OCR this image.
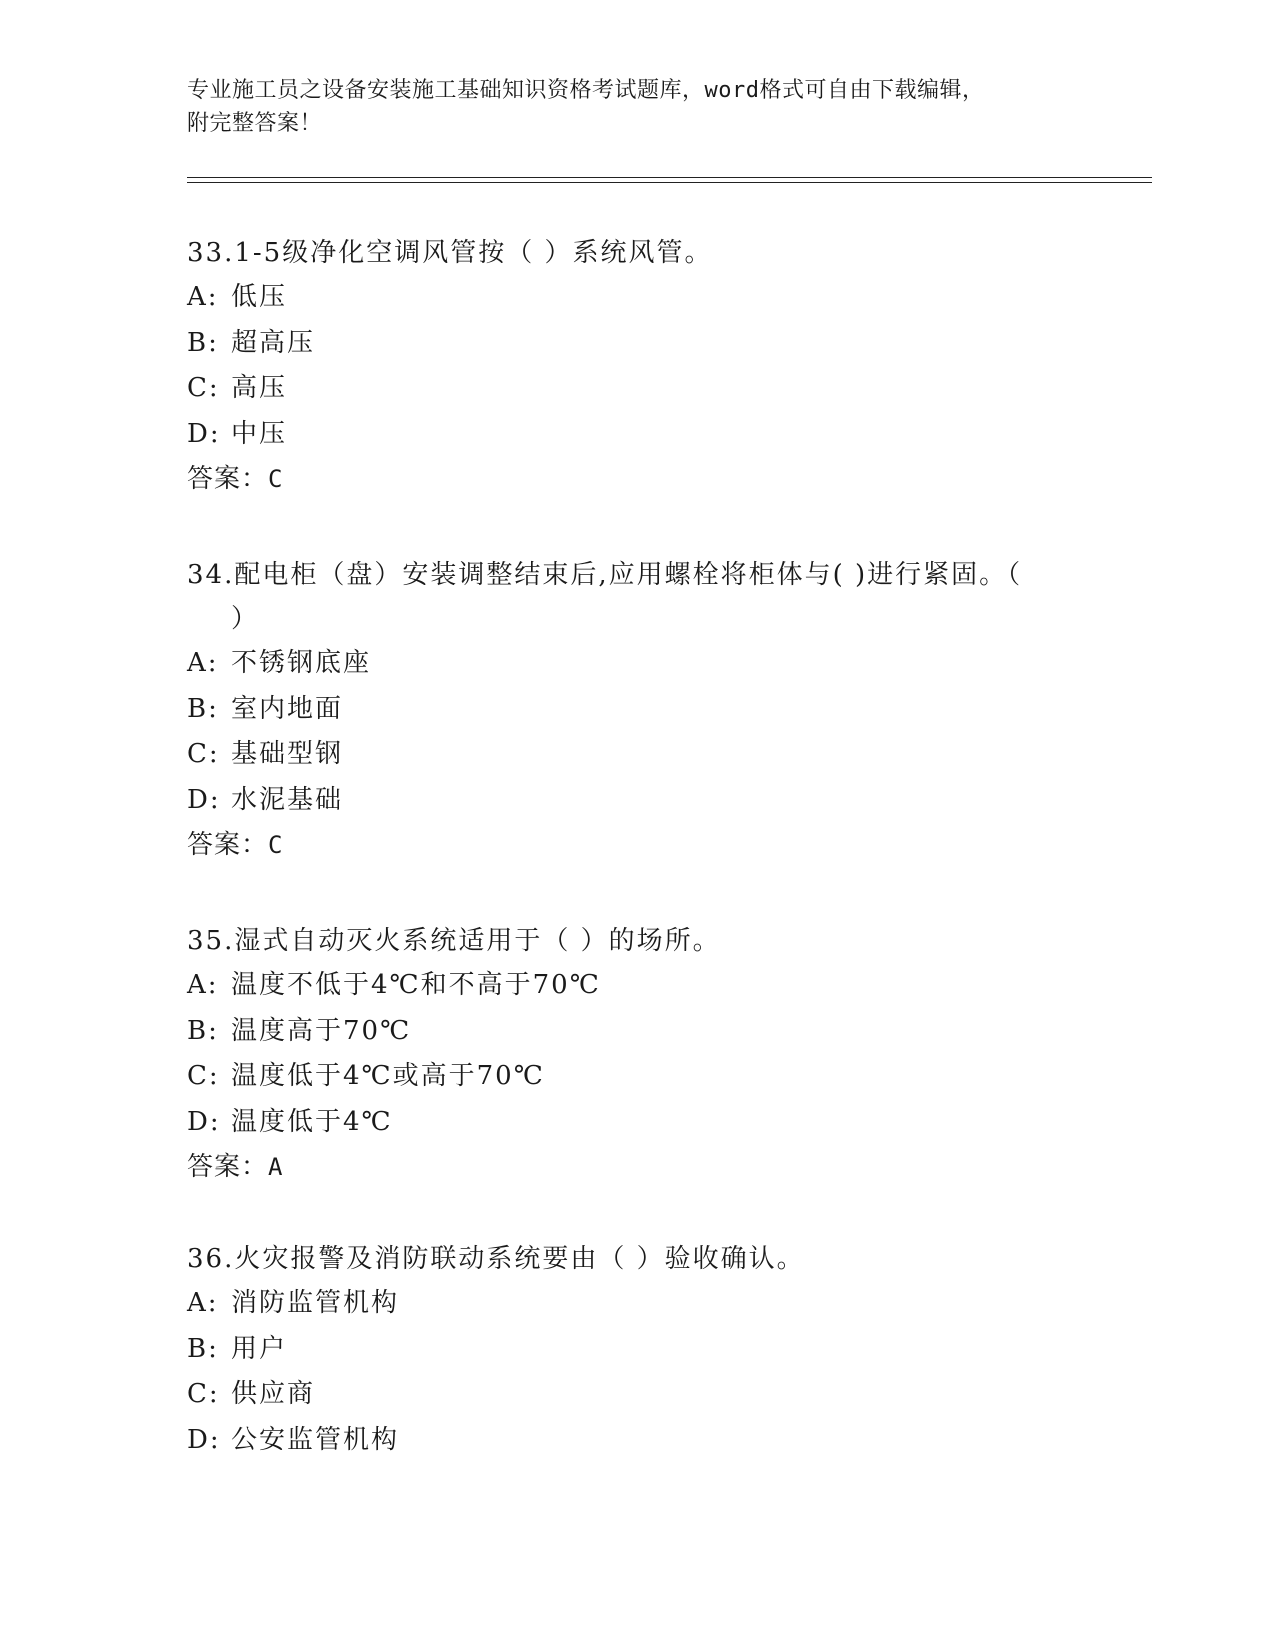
专业施工员之设备安装施工基础知识资格考试题库，word格式可自由下载编辑，
附完整答案！
33.1-5级净化空调风管按（ ）系统风管。
A: 低压
B: 超高压
C: 高压
D: 中压
答案：C
34.配电柜（盘）安装调整结束后,应用螺栓将柜体与( )进行紧固。（
）
A: 不锈钢底座
B: 室内地面
C: 基础型钢
D: 水泥基础
答案：C
35.湿式自动灭火系统适用于（ ）的场所。
A: 温度不低于4℃和不高于70℃
B: 温度高于70℃
C: 温度低于4℃或高于70℃
D: 温度低于4℃
答案：A
36.火灾报警及消防联动系统要由（ ）验收确认。
A: 消防监管机构
B: 用户
C: 供应商
D: 公安监管机构
